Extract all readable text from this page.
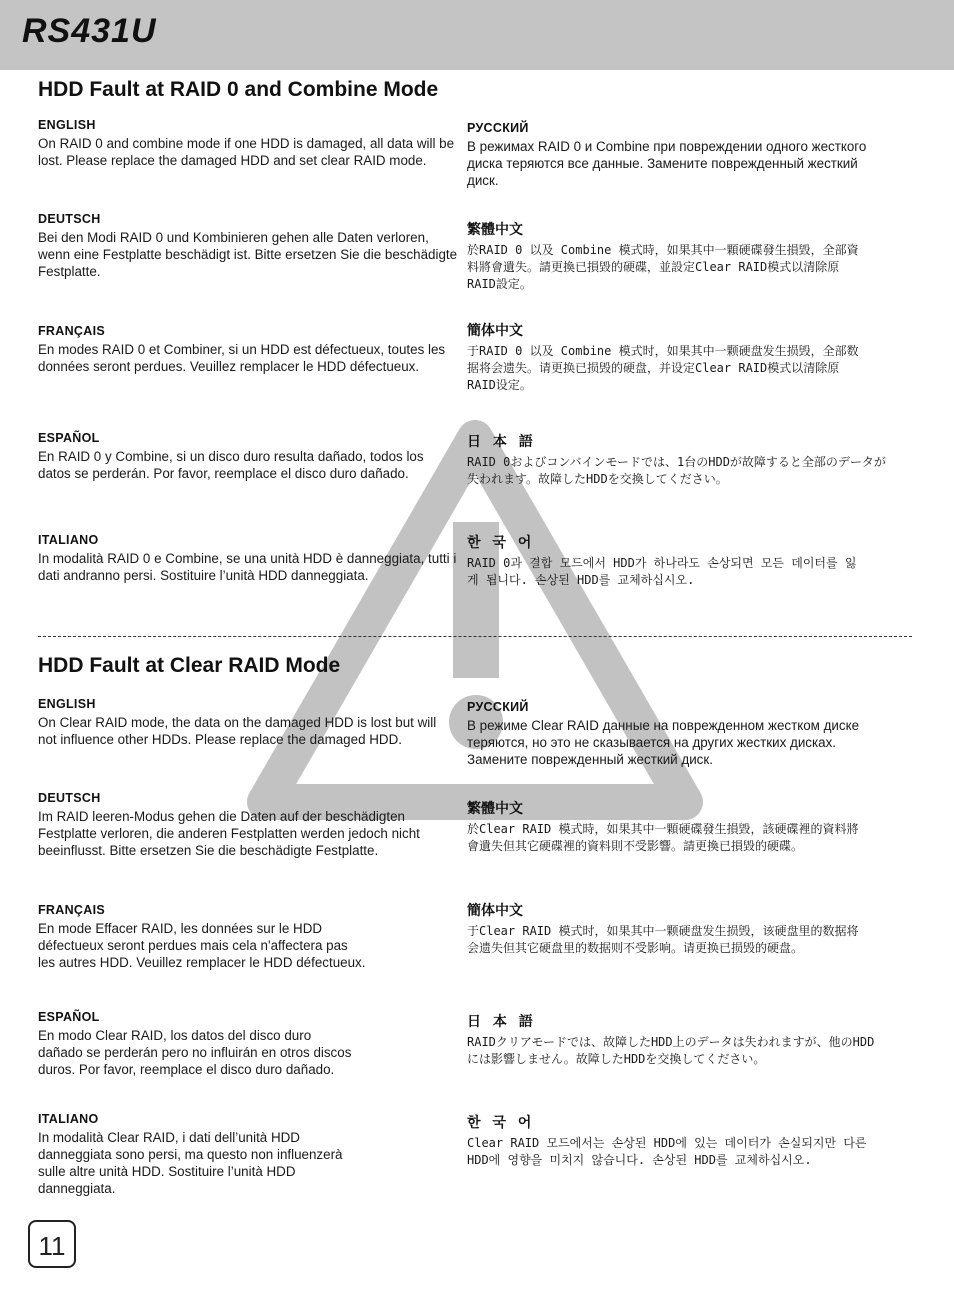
RS431U
HDD Fault at RAID 0 and Combine Mode

ENGLISH

On RAID 0 and combine mode if one HDD is damaged, all data will be lost. Please replace the damaged HDD and set clear RAID mode.

DEUTSCH

Bei den Modi RAID 0 und Kombinieren gehen alle Daten verloren, wenn eine Festplatte beschädigt ist. Bitte ersetzen Sie die beschädigte Festplatte.

FRANÇAIS

En modes RAID 0 et Combiner, si un HDD est défectueux, toutes les données seront perdues. Veuillez remplacer le HDD défectueux.

ESPAÑOL

En RAID 0 y Combine, si un disco duro resulta dañado, todos los datos se perderán. Por favor, reemplace el disco duro dañado.

ITALIANO

In modalità RAID 0 e Combine, se una unità HDD è danneggiata, tutti i dati andranno persi. Sostituire l’unità HDD danneggiata.

РУССКИЙ

В режимах RAID 0 и Combine при повреждении одного жесткого диска теряются все данные. Замените поврежденный жесткий диск.

繁體中文

於RAID 0 以及 Combine 模式時，如果其中一顆硬碟發生損毀，全部資料將會遺失。請更換已損毀的硬碟，並設定Clear RAID模式以清除原RAID設定。

簡体中文

于RAID 0 以及 Combine 模式时，如果其中一颗硬盘发生损毁，全部数据将会遗失。请更换已损毁的硬盘，并设定Clear RAID模式以清除原RAID设定。

日 本 語

RAID 0およびコンバインモードでは、1台のHDDが故障すると全部のデータが失われます。故障したHDDを交換してください。

한 국 어

RAID 0과 결합 모드에서 HDD가 하나라도 손상되면 모든 데이터를 잃게 됩니다. 손상된 HDD를 교체하십시오.

HDD Fault at Clear RAID Mode

ENGLISH

On Clear RAID mode, the data on the damaged HDD is lost but will not influence other HDDs. Please replace the damaged HDD.

DEUTSCH

Im RAID leeren-Modus gehen die Daten auf der beschädigten Festplatte verloren, die anderen Festplatten werden jedoch nicht beeinflusst. Bitte ersetzen Sie die beschädigte Festplatte.

FRANÇAIS

En mode Effacer RAID, les données sur le HDD défectueux seront perdues mais cela n'affectera pas les autres HDD. Veuillez remplacer le HDD défectueux.

ESPAÑOL

En modo Clear RAID, los datos del disco duro dañado se perderán pero no influirán en otros discos duros. Por favor, reemplace el disco duro dañado.

ITALIANO

In modalità Clear RAID, i dati dell’unità HDD danneggiata sono persi, ma questo non influenzerà sulle altre unità HDD. Sostituire l’unità HDD danneggiata.

РУССКИЙ

В режиме Clear RAID данные на поврежденном жестком диске теряются, но это не сказывается на других жестких дисках. Замените поврежденный жесткий диск.

繁體中文

於Clear RAID 模式時，如果其中一顆硬碟發生損毀，該硬碟裡的資料將會遺失但其它硬碟裡的資料則不受影響。請更換已損毀的硬碟。

簡体中文

于Clear RAID 模式时，如果其中一颗硬盘发生损毁，该硬盘里的数据将会遗失但其它硬盘里的数据则不受影响。请更换已损毁的硬盘。

日 本 語

RAIDクリアモードでは、故障したHDD上のデータは失われますが、他のHDDには影響しません。故障したHDDを交換してください。

한 국 어

Clear RAID 모드에서는 손상된 HDD에 있는 데이터가 손실되지만 다른 HDD에 영향을 미치지 않습니다. 손상된 HDD를 교체하십시오.

11
